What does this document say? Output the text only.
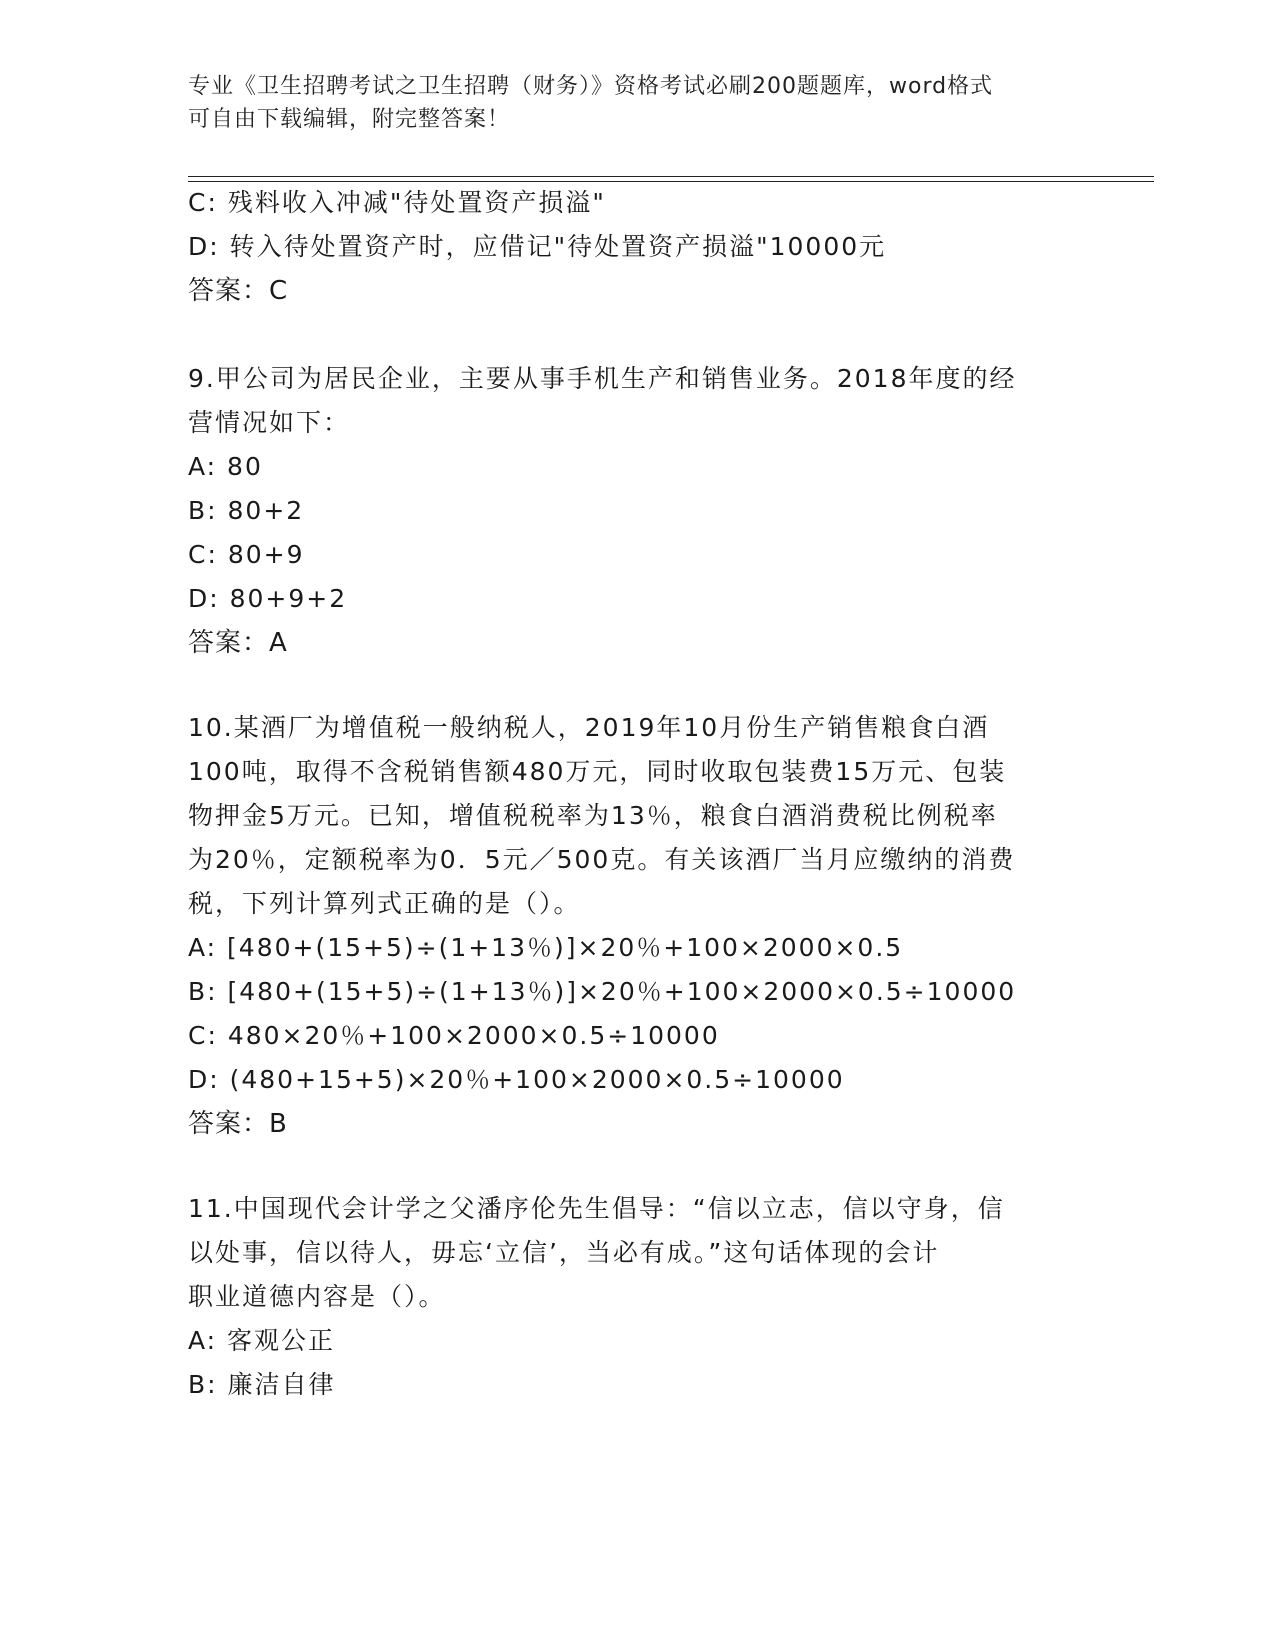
专业《卫生招聘考试之卫生招聘（财务）》资格考试必刷200题题库，word格式
可自由下载编辑，附完整答案！
C: 残料收入冲减"待处置资产损溢"
D: 转入待处置资产时，应借记"待处置资产损溢"10000元
答案：C
9.甲公司为居民企业，主要从事手机生产和销售业务。2018年度的经
营情况如下：
A: 80
B: 80+2
C: 80+9
D: 80+9+2
答案：A
10.某酒厂为增值税一般纳税人，2019年10月份生产销售粮食白酒
100吨，取得不含税销售额480万元，同时收取包装费15万元、包装
物押金5万元。已知，增值税税率为13％，粮食白酒消费税比例税率
为20％，定额税率为0．5元／500克。有关该酒厂当月应缴纳的消费
税，下列计算列式正确的是（）。
A: [480+(15+5)÷(1+13％)]×20％+100×2000×0.5
B: [480+(15+5)÷(1+13％)]×20％+100×2000×0.5÷10000
C: 480×20％+100×2000×0.5÷10000
D: (480+15+5)×20％+100×2000×0.5÷10000
答案：B
11.中国现代会计学之父潘序伦先生倡导：“信以立志，信以守身，信
以处事，信以待人，毋忘‘立信’，当必有成。”这句话体现的会计
职业道德内容是（）。
A: 客观公正
B: 廉洁自律
